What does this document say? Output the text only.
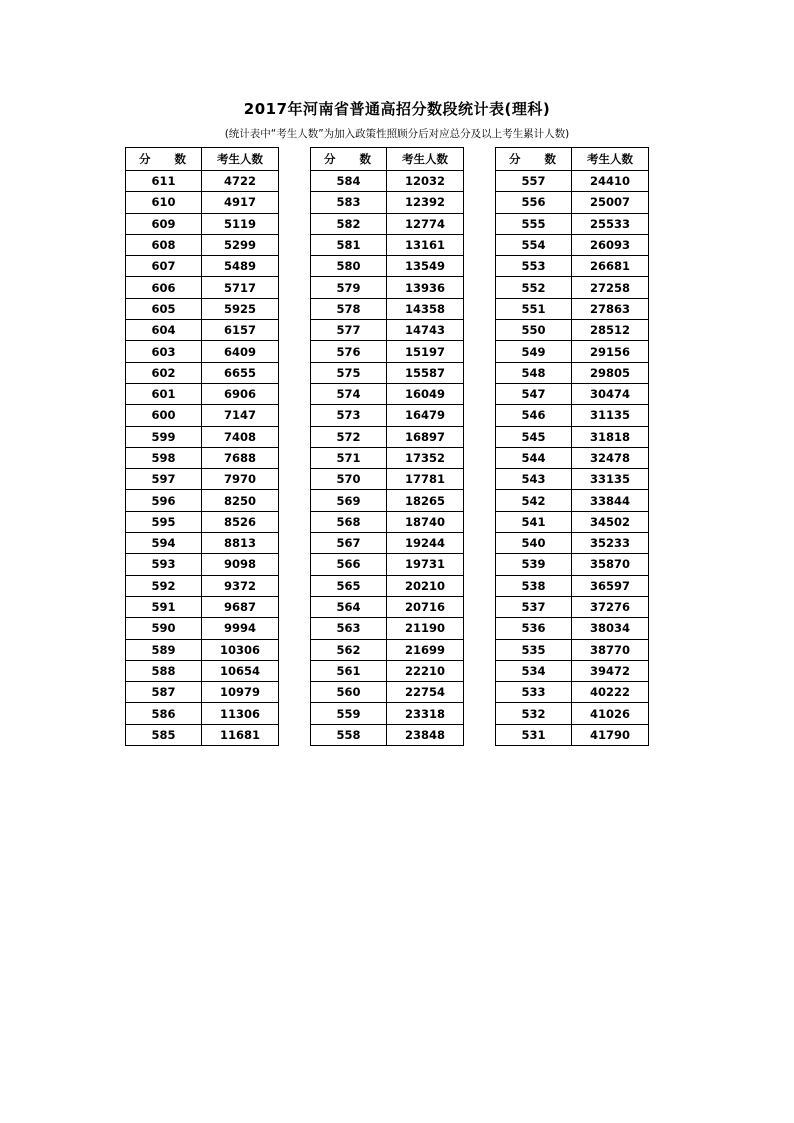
2017年河南省普通高招分数段统计表(理科)
(统计表中“考生人数”为加入政策性照顾分后对应总分及以上考生累计人数)
分 数	考生人数
611	4722
610	4917
609	5119
608	5299
607	5489
606	5717
605	5925
604	6157
603	6409
602	6655
601	6906
600	7147
599	7408
598	7688
597	7970
596	8250
595	8526
594	8813
593	9098
592	9372
591	9687
590	9994
589	10306
588	10654
587	10979
586	11306
585	11681
分 数	考生人数
584	12032
583	12392
582	12774
581	13161
580	13549
579	13936
578	14358
577	14743
576	15197
575	15587
574	16049
573	16479
572	16897
571	17352
570	17781
569	18265
568	18740
567	19244
566	19731
565	20210
564	20716
563	21190
562	21699
561	22210
560	22754
559	23318
558	23848
分 数	考生人数
557	24410
556	25007
555	25533
554	26093
553	26681
552	27258
551	27863
550	28512
549	29156
548	29805
547	30474
546	31135
545	31818
544	32478
543	33135
542	33844
541	34502
540	35233
539	35870
538	36597
537	37276
536	38034
535	38770
534	39472
533	40222
532	41026
531	41790
